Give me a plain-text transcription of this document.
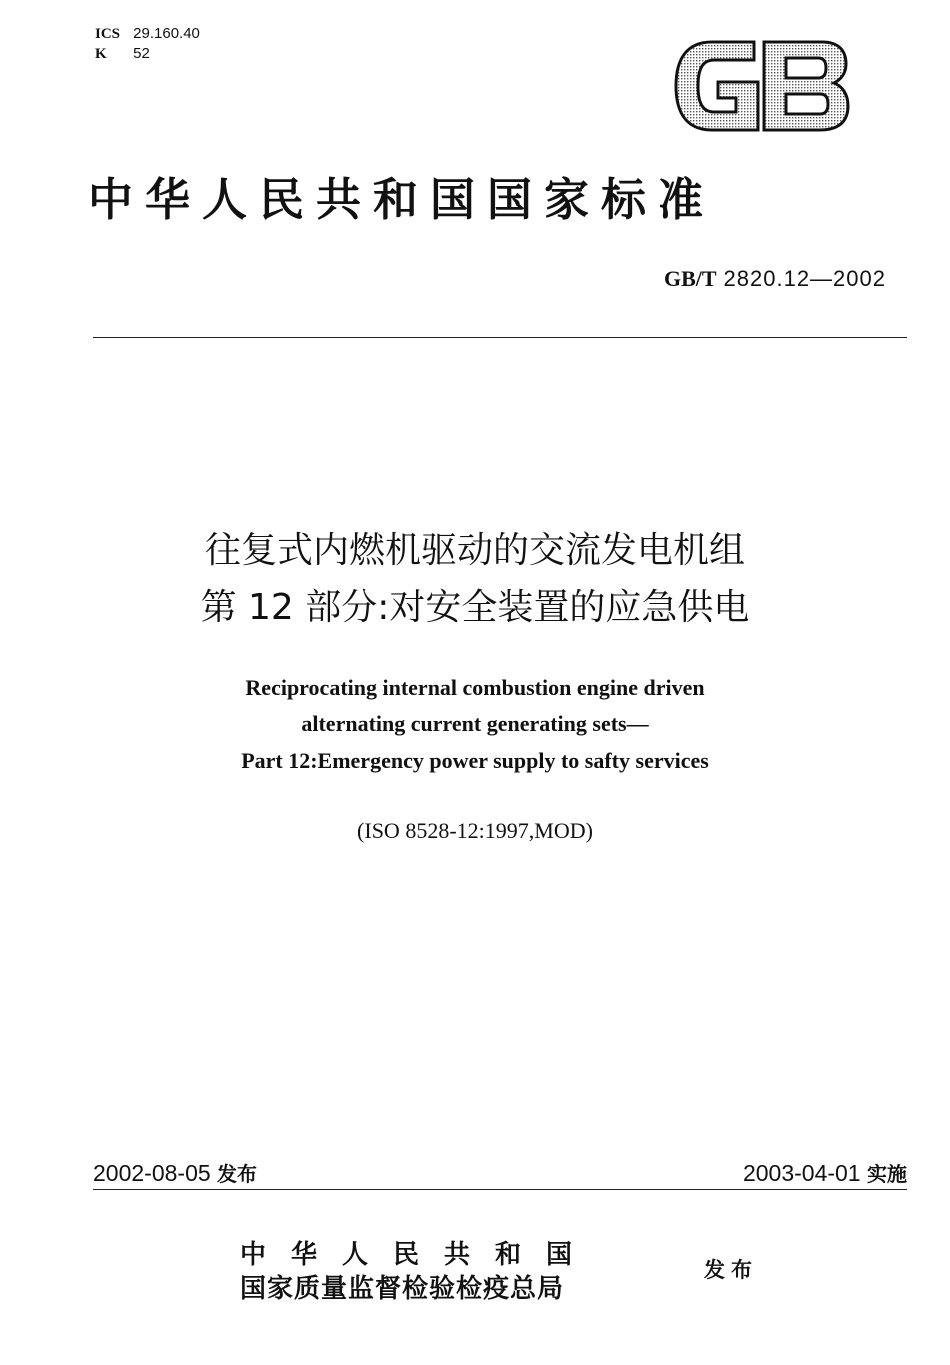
ICS 29.160.40
K 52
中华人民共和国国家标准
GB/T 2820.12—2002
往复式内燃机驱动的交流发电机组
第 12 部分:对安全装置的应急供电
Reciprocating internal combustion engine driven
alternating current generating sets—
Part 12:Emergency power supply to safty services
(ISO 8528-12:1997,MOD)
2002-08-05 发布	2003-04-01 实施
中华人民共和国
国家质量监督检验检疫总局
发布
